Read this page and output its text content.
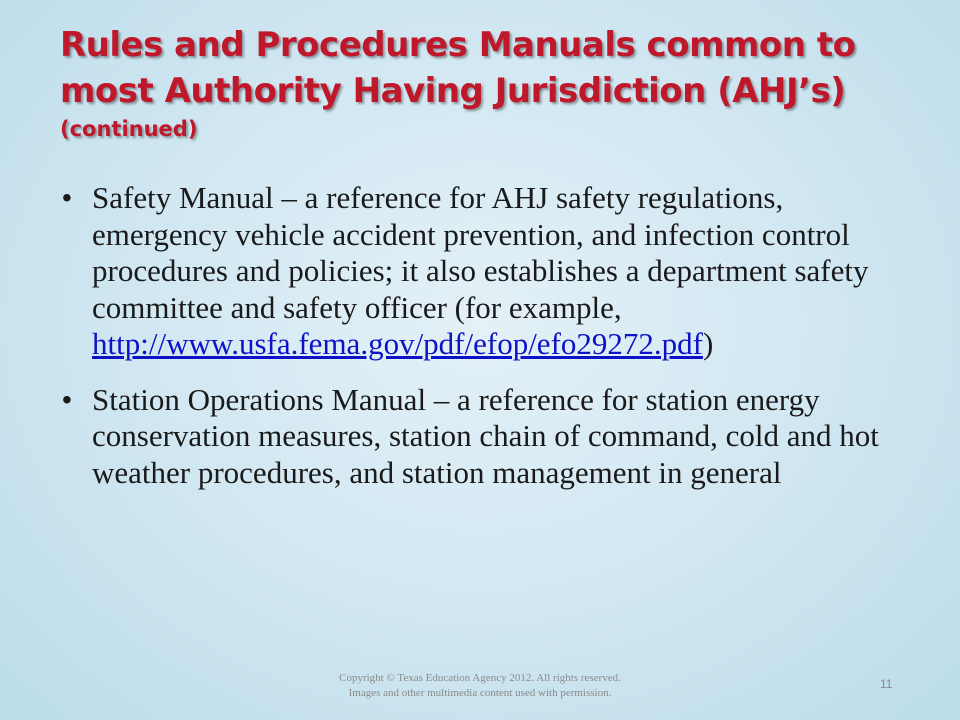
Rules and Procedures Manuals common to most Authority Having Jurisdiction (AHJ’s)
(continued)
• Safety Manual – a reference for AHJ safety regulations, emergency vehicle accident prevention, and infection control procedures and policies; it also establishes a department safety committee and safety officer (for example, http://www.usfa.fema.gov/pdf/efop/efo29272.pdf)
• Station Operations Manual – a reference for station energy conservation measures, station chain of command, cold and hot weather procedures, and station management in general
Copyright © Texas Education Agency 2012. All rights reserved.
Images and other multimedia content used with permission.
11
